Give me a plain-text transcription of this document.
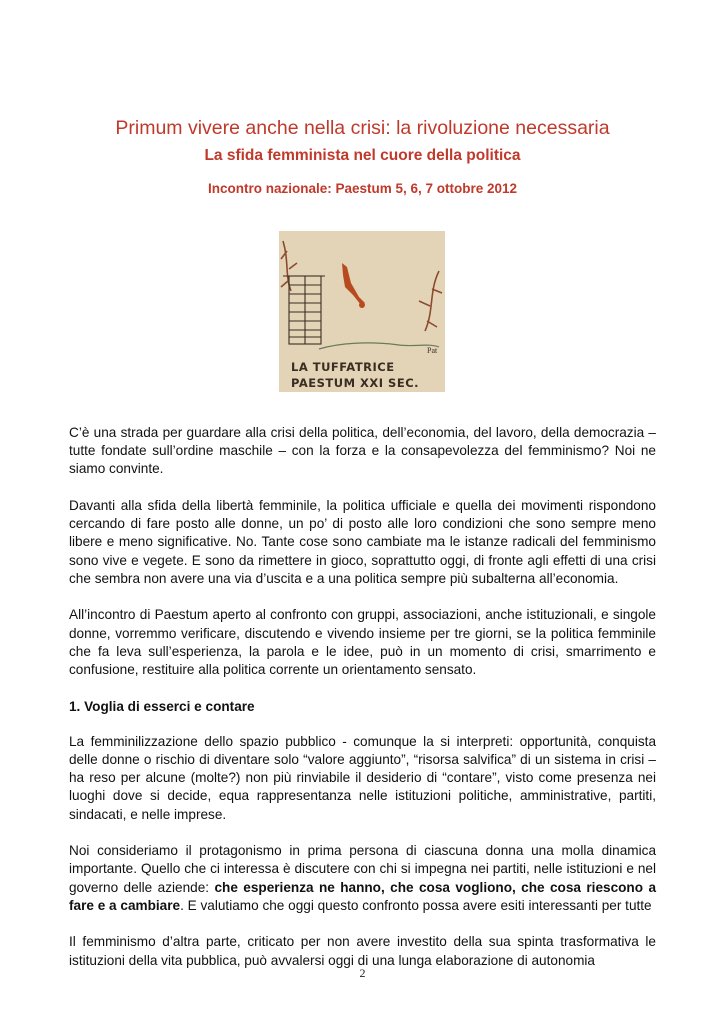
Primum vivere anche nella crisi: la rivoluzione necessaria
La sfida femminista nel cuore della politica
Incontro nazionale: Paestum 5, 6, 7 ottobre 2012
Pat
LA TUFFATRICE
PAESTUM XXI SEC.

C’è una strada per guardare alla crisi della politica, dell’economia, del lavoro, della democrazia – tutte fondate sull’ordine maschile – con la forza e la consapevolezza del femminismo? Noi ne siamo convinte.

Davanti alla sfida della libertà femminile, la politica ufficiale e quella dei movimenti rispondono cercando di fare posto alle donne, un po’ di posto alle loro condizioni che sono sempre meno libere e meno significative. No. Tante cose sono cambiate ma le istanze radicali del femminismo sono vive e vegete. E sono da rimettere in gioco, soprattutto oggi, di fronte agli effetti di una crisi che sembra non avere una via d’uscita e a una politica sempre più subalterna all’economia.

All’incontro di Paestum aperto al confronto con gruppi, associazioni, anche istituzionali, e singole donne, vorremmo verificare, discutendo e vivendo insieme per tre giorni, se la politica femminile che fa leva sull’esperienza, la parola e le idee, può in un momento di crisi, smarrimento e confusione, restituire alla politica corrente un orientamento sensato.

1. Voglia di esserci e contare

La femminilizzazione dello spazio pubblico - comunque la si interpreti: opportunità, conquista delle donne o rischio di diventare solo “valore aggiunto”, “risorsa salvifica” di un sistema in crisi – ha reso per alcune (molte?) non più rinviabile il desiderio di “contare”, visto come presenza nei luoghi dove si decide, equa rappresentanza nelle istituzioni politiche, amministrative, partiti, sindacati, e nelle imprese.

Noi consideriamo il protagonismo in prima persona di ciascuna donna una molla dinamica importante. Quello che ci interessa è discutere con chi si impegna nei partiti, nelle istituzioni e nel governo delle aziende: che esperienza ne hanno, che cosa vogliono, che cosa riescono a fare e a cambiare. E valutiamo che oggi questo confronto possa avere esiti interessanti per tutte

Il femminismo d’altra parte, criticato per non avere investito della sua spinta trasformativa le istituzioni della vita pubblica, può avvalersi oggi di una lunga elaborazione di autonomia

2
